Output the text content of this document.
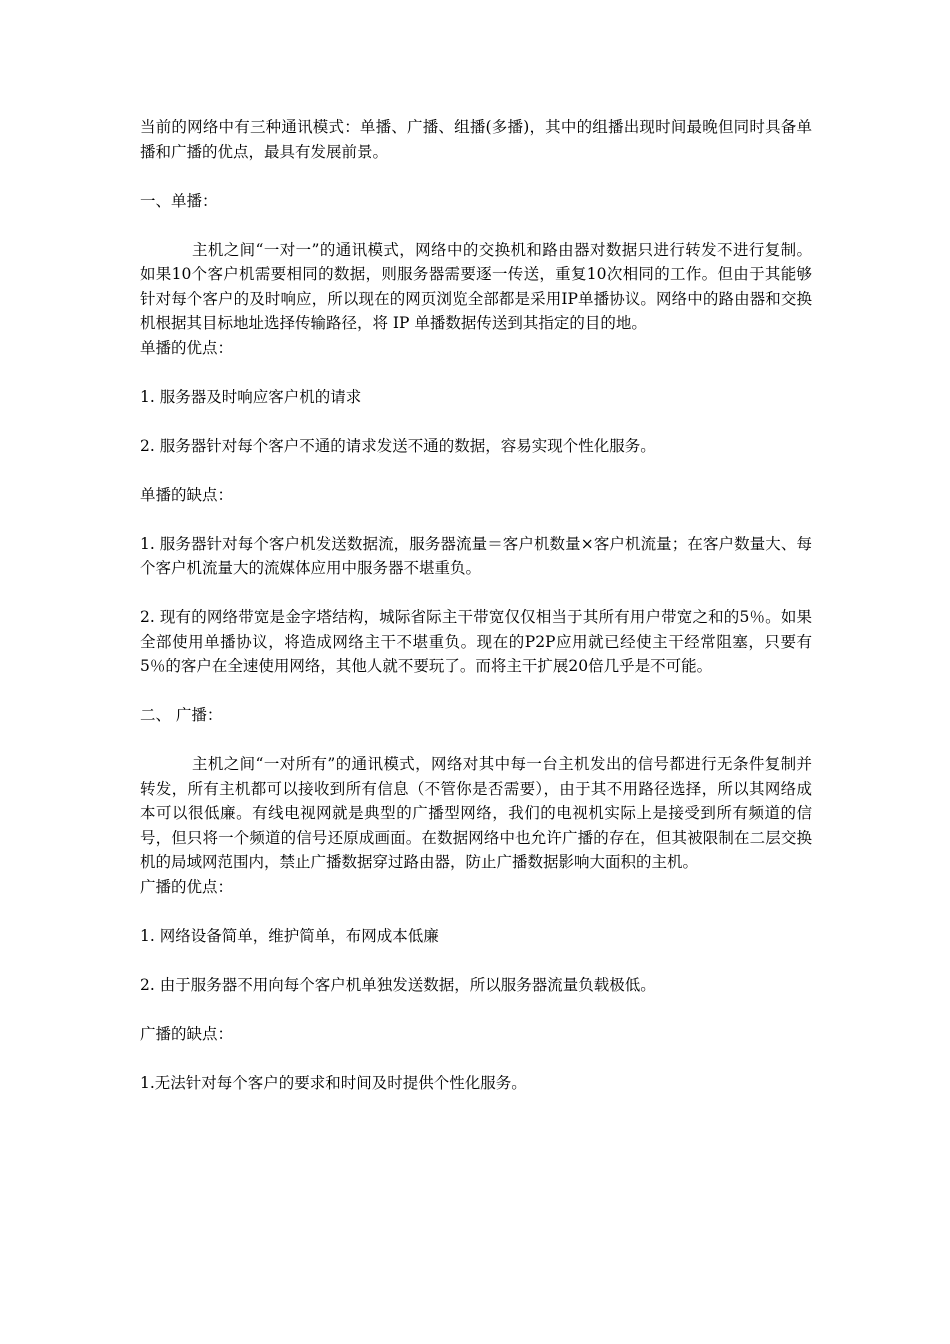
当前的网络中有三种通讯模式：单播、广播、组播(多播)，其中的组播出现时间最晚但同时具备单播和广播的优点，最具有发展前景。

一、单播：

主机之间“一对一”的通讯模式，网络中的交换机和路由器对数据只进行转发不进行复制。如果10个客户机需要相同的数据，则服务器需要逐一传送，重复10次相同的工作。但由于其能够针对每个客户的及时响应，所以现在的网页浏览全部都是采用IP单播协议。网络中的路由器和交换机根据其目标地址选择传输路径，将 IP 单播数据传送到其指定的目的地。

单播的优点：

1. 服务器及时响应客户机的请求

2. 服务器针对每个客户不通的请求发送不通的数据，容易实现个性化服务。

单播的缺点：

1. 服务器针对每个客户机发送数据流，服务器流量＝客户机数量×客户机流量；在客户数量大、每个客户机流量大的流媒体应用中服务器不堪重负。

2. 现有的网络带宽是金字塔结构，城际省际主干带宽仅仅相当于其所有用户带宽之和的5％。如果全部使用单播协议，将造成网络主干不堪重负。现在的P2P应用就已经使主干经常阻塞，只要有5％的客户在全速使用网络，其他人就不要玩了。而将主干扩展20倍几乎是不可能。

二、 广播：

主机之间“一对所有”的通讯模式，网络对其中每一台主机发出的信号都进行无条件复制并转发，所有主机都可以接收到所有信息（不管你是否需要），由于其不用路径选择，所以其网络成本可以很低廉。有线电视网就是典型的广播型网络，我们的电视机实际上是接受到所有频道的信号，但只将一个频道的信号还原成画面。在数据网络中也允许广播的存在，但其被限制在二层交换机的局域网范围内，禁止广播数据穿过路由器，防止广播数据影响大面积的主机。

广播的优点：

1. 网络设备简单，维护简单，布网成本低廉

2. 由于服务器不用向每个客户机单独发送数据，所以服务器流量负载极低。

广播的缺点：

1.无法针对每个客户的要求和时间及时提供个性化服务。
